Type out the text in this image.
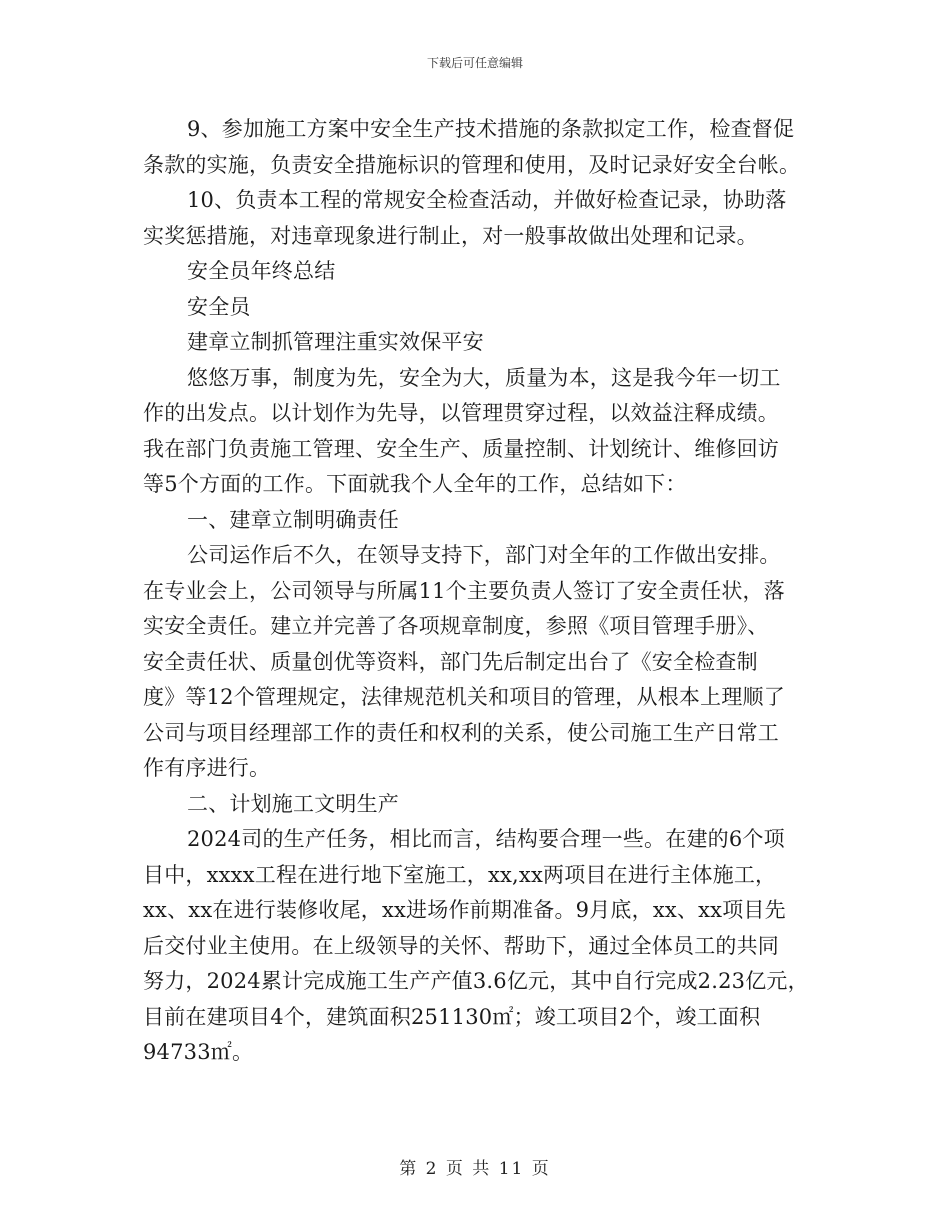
下载后可任意编辑
9、参加施工方案中安全生产技术措施的条款拟定工作，检查督促
条款的实施，负责安全措施标识的管理和使用，及时记录好安全台帐。
10、负责本工程的常规安全检查活动，并做好检查记录，协助落
实奖惩措施，对违章现象进行制止，对一般事故做出处理和记录。
安全员年终总结
安全员
建章立制抓管理注重实效保平安
悠悠万事，制度为先，安全为大，质量为本，这是我今年一切工
作的出发点。以计划作为先导，以管理贯穿过程，以效益注释成绩。
我在部门负责施工管理、安全生产、质量控制、计划统计、维修回访
等5个方面的工作。下面就我个人全年的工作，总结如下：
一、建章立制明确责任
公司运作后不久，在领导支持下，部门对全年的工作做出安排。
在专业会上，公司领导与所属11个主要负责人签订了安全责任状，落
实安全责任。建立并完善了各项规章制度，参照《项目管理手册》、
安全责任状、质量创优等资料，部门先后制定出台了《安全检查制
度》等12个管理规定，法律规范机关和项目的管理，从根本上理顺了
公司与项目经理部工作的责任和权利的关系，使公司施工生产日常工
作有序进行。
二、计划施工文明生产
2024司的生产任务，相比而言，结构要合理一些。在建的6个项
目中，xxxx工程在进行地下室施工，xx,xx两项目在进行主体施工，
xx、xx在进行装修收尾，xx进场作前期准备。9月底，xx、xx项目先
后交付业主使用。在上级领导的关怀、帮助下，通过全体员工的共同
努力，2024累计完成施工生产产值3.6亿元，其中自行完成2.23亿元，
目前在建项目4个，建筑面积251130㎡；竣工项目2个，竣工面积
94733㎡。
第 2 页 共 11 页
